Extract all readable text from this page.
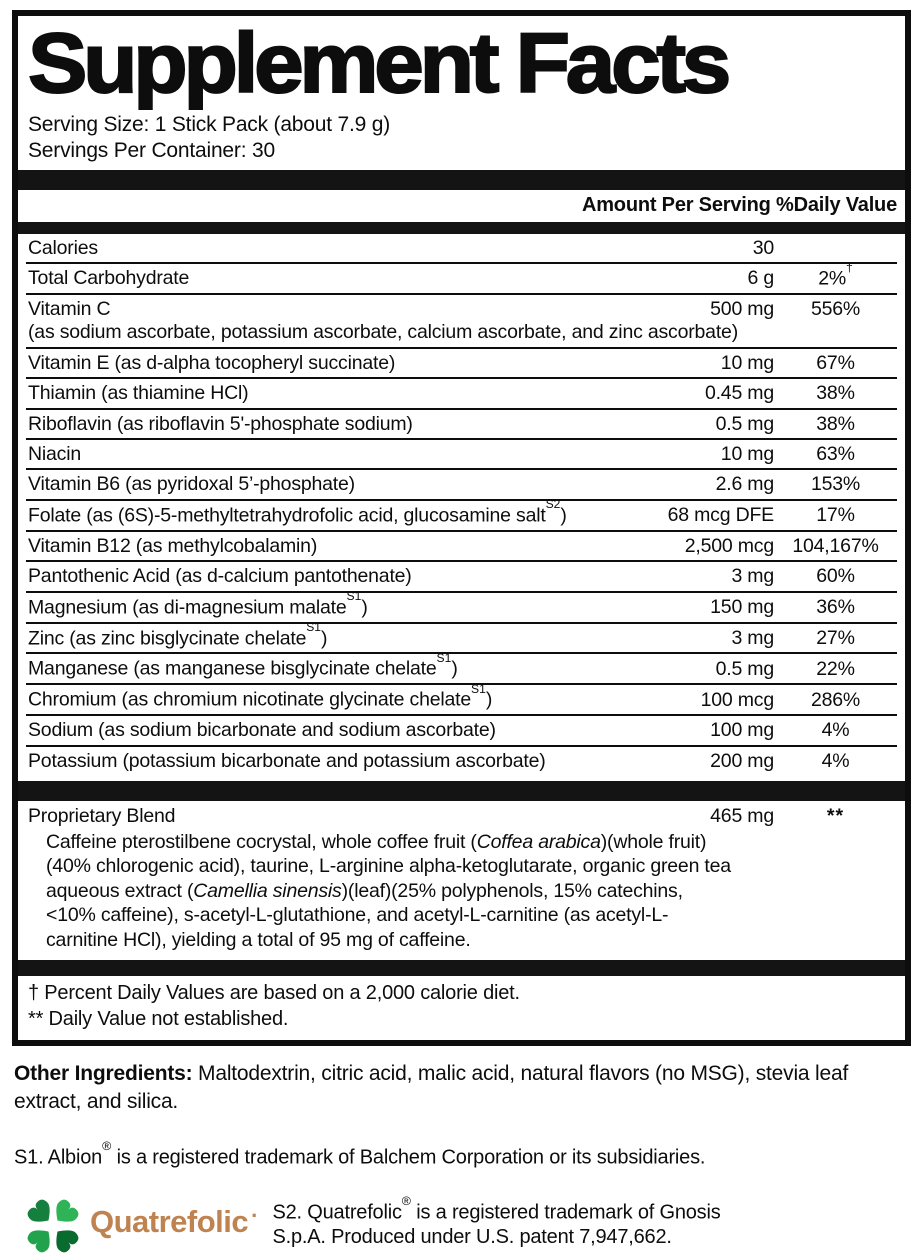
Supplement Facts
Serving Size: 1 Stick Pack (about 7.9 g)
Servings Per Container: 30
Amount Per Serving %Daily Value
Calories	30
Total Carbohydrate	6 g	2%†
Vitamin C	500 mg	556%
(as sodium ascorbate, potassium ascorbate, calcium ascorbate, and zinc ascorbate)
Vitamin E (as d-alpha tocopheryl succinate)	10 mg	67%
Thiamin (as thiamine HCl)	0.45 mg	38%
Riboflavin (as riboflavin 5'-phosphate sodium)	0.5 mg	38%
Niacin	10 mg	63%
Vitamin B6 (as pyridoxal 5’-phosphate)	2.6 mg	153%
Folate (as (6S)-5-methyltetrahydrofolic acid, glucosamine salt$^{S2}$)	68 mcg DFE	17%
Vitamin B12 (as methylcobalamin)	2,500 mcg 104,167%
Pantothenic Acid (as d-calcium pantothenate)	3 mg	60%
Magnesium (as di-magnesium malate$^{S1}$)	150 mg	36%
Zinc (as zinc bisglycinate chelate$^{S1}$)	3 mg	27%
Manganese (as manganese bisglycinate chelate$^{S1}$)	0.5 mg	22%
Chromium (as chromium nicotinate glycinate chelate$^{S1}$)	100 mcg	286%
Sodium (as sodium bicarbonate and sodium ascorbate)	100 mg	4%
Potassium (potassium bicarbonate and potassium ascorbate)	200 mg	4%
Proprietary Blend	465 mg	**
Caffeine pterostilbene cocrystal, whole coffee fruit (Coffea arabica)(whole fruit)(40% chlorogenic acid), taurine, L-arginine alpha-ketoglutarate, organic green tea aqueous extract (Camellia sinensis)(leaf)(25% polyphenols, 15% catechins, <10% caffeine), s-acetyl-L-glutathione, and acetyl-L-carnitine (as acetyl-L-carnitine HCl), yielding a total of 95 mg of caffeine.
† Percent Daily Values are based on a 2,000 calorie diet.
** Daily Value not established.
Other Ingredients: Maltodextrin, citric acid, malic acid, natural flavors (no MSG), stevia leaf extract, and silica.
S1. Albion® is a registered trademark of Balchem Corporation or its subsidiaries.
Quatrefolic · S2. Quatrefolic® is a registered trademark of Gnosis S.p.A. Produced under U.S. patent 7,947,662.
